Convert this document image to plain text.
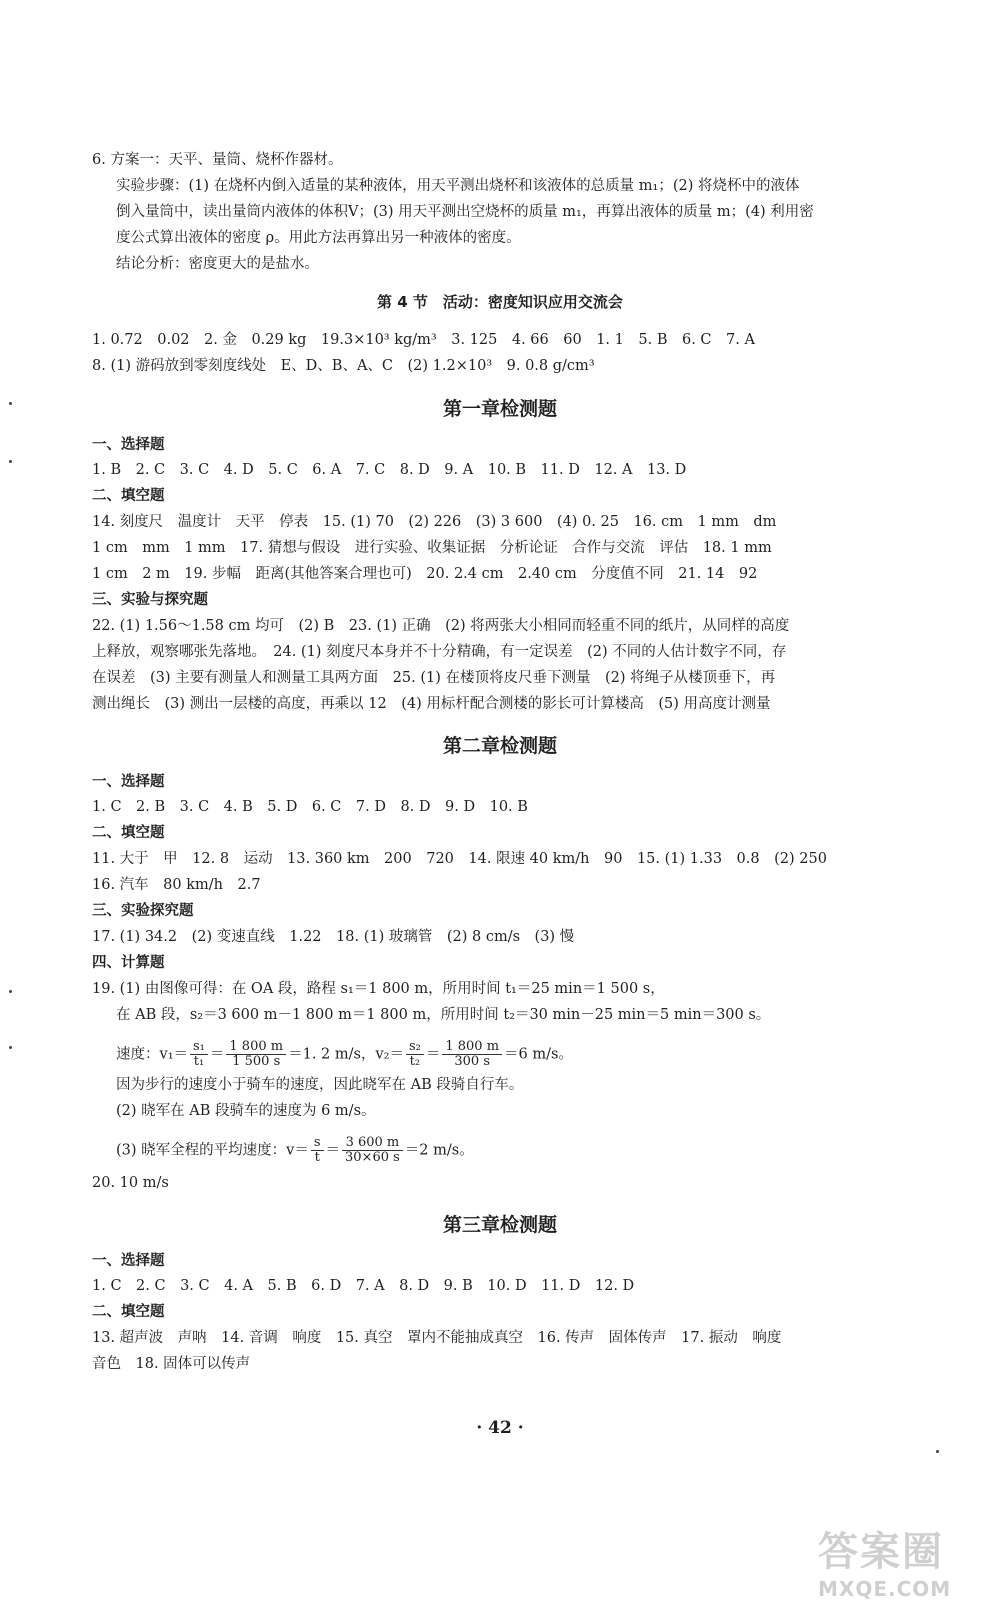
6. 方案一：天平、量筒、烧杯作器材。
实验步骤：(1) 在烧杯内倒入适量的某种液体，用天平测出烧杯和该液体的总质量 m₁；(2) 将烧杯中的液体
倒入量筒中，读出量筒内液体的体积V；(3) 用天平测出空烧杯的质量 m₁，再算出液体的质量 m；(4) 利用密
度公式算出液体的密度 ρ。用此方法再算出另一种液体的密度。
结论分析：密度更大的是盐水。
第 4 节　活动：密度知识应用交流会
1. 0.72　0.02　2. 金　0.29 kg　19.3×10³ kg/m³　3. 125　4. 66　60　1. 1　5. B　6. C　7. A
8. (1) 游码放到零刻度线处　E、D、B、A、C　(2) 1.2×10³　9. 0.8 g/cm³
第一章检测题
一、选择题
1. B　2. C　3. C　4. D　5. C　6. A　7. C　8. D　9. A　10. B　11. D　12. A　13. D
二、填空题
14. 刻度尺　温度计　天平　停表　15. (1) 70　(2) 226　(3) 3 600　(4) 0. 25　16. cm　1 mm　dm
1 cm　mm　1 mm　17. 猜想与假设　进行实验、收集证据　分析论证　合作与交流　评估　18. 1 mm
1 cm　2 m　19. 步幅　距离(其他答案合理也可)　20. 2.4 cm　2.40 cm　分度值不同　21. 14　92
三、实验与探究题
22. (1) 1.56～1.58 cm 均可　(2) B　23. (1) 正确　(2) 将两张大小相同而轻重不同的纸片，从同样的高度
上释放，观察哪张先落地。　24. (1) 刻度尺本身并不十分精确，有一定误差　(2) 不同的人估计数字不同，存
在误差　(3) 主要有测量人和测量工具两方面　25. (1) 在楼顶将皮尺垂下测量　(2) 将绳子从楼顶垂下，再
测出绳长　(3) 测出一层楼的高度，再乘以 12　(4) 用标杆配合测楼的影长可计算楼高　(5) 用高度计测量
第二章检测题
一、选择题
1. C　2. B　3. C　4. B　5. D　6. C　7. D　8. D　9. D　10. B
二、填空题
11. 大于　甲　12. 8　运动　13. 360 km　200　720　14. 限速 40 km/h　90　15. (1) 1.33　0.8　(2) 250
16. 汽车　80 km/h　2.7
三、实验探究题
17. (1) 34.2　(2) 变速直线　1.22　18. (1) 玻璃管　(2) 8 cm/s　(3) 慢
四、计算题
19. (1) 由图像可得：在 OA 段，路程 s₁＝1 800 m，所用时间 t₁＝25 min＝1 500 s，
在 AB 段，s₂＝3 600 m－1 800 m＝1 800 m，所用时间 t₂＝30 min－25 min＝5 min＝300 s。
速度：$v_1= \frac{\text{s₁}}{\text{t₁}} = \frac{1 800 m}{1 500 s} =1$. 2 m/s，$v_2= \frac{\text{s₂}}{\text{t₂}} = \frac{1 800 m}{300 s} =6$ m/s。
因为步行的速度小于骑车的速度，因此晓军在 AB 段骑自行车。
(2) 晓军在 AB 段骑车的速度为 6 m/s。
(3) 晓军全程的平均速度：$v= \frac{s}{t} = \frac{3 600 m}{30\times 60 s} =2$ m/s。
20. 10 m/s
第三章检测题
一、选择题
1. C　2. C　3. C　4. A　5. B　6. D　7. A　8. D　9. B　10. D　11. D　12. D
二、填空题
13. 超声波　声呐　14. 音调　响度　15. 真空　罩内不能抽成真空　16. 传声　固体传声　17. 振动　响度
音色　18. 固体可以传声
· 42 ·
答案圈
MXQE.COM
